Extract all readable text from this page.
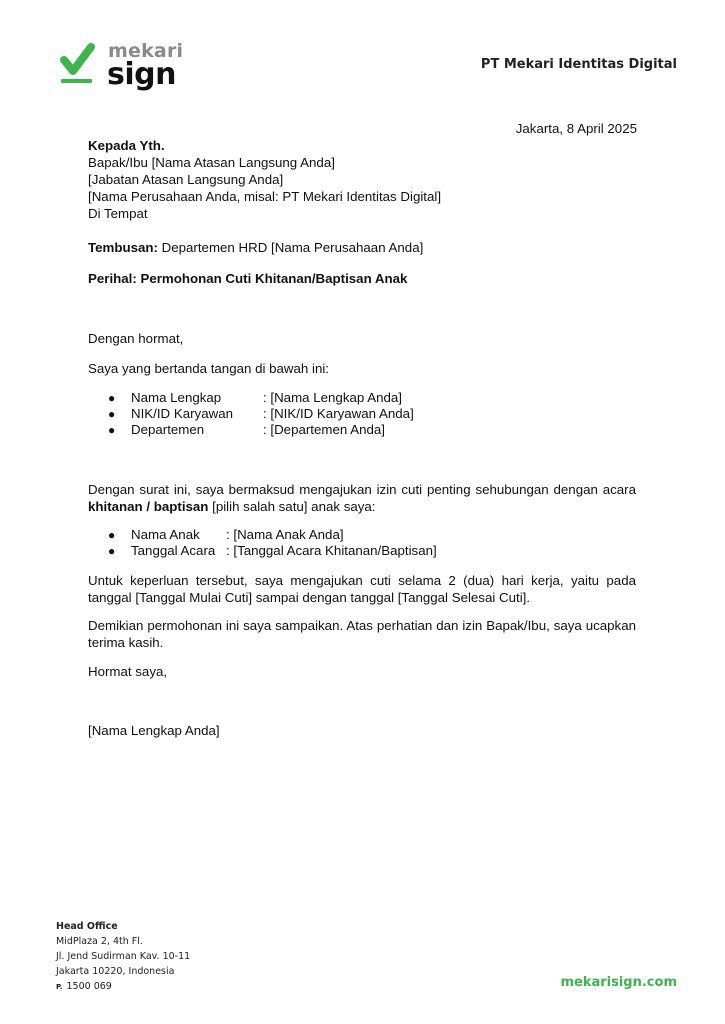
mekari
sign	PT Mekari Identitas Digital
Jakarta, 8 April 2025
Kepada Yth.
Bapak/Ibu [Nama Atasan Langsung Anda]
[Jabatan Atasan Langsung Anda]
[Nama Perusahaan Anda, misal: PT Mekari Identitas Digital]
Di Tempat
Tembusan: Departemen HRD [Nama Perusahaan Anda]
Perihal: Permohonan Cuti Khitanan/Baptisan Anak
Dengan hormat,
Saya yang bertanda tangan di bawah ini:
●	Nama Lengkap	: [Nama Lengkap Anda]
●	NIK/ID Karyawan	: [NIK/ID Karyawan Anda]
●	Departemen	: [Departemen Anda]
Dengan surat ini, saya bermaksud mengajukan izin cuti penting sehubungan dengan acara khitanan / baptisan [pilih salah satu] anak saya:
●	Nama Anak	: [Nama Anak Anda]
●	Tanggal Acara : [Tanggal Acara Khitanan/Baptisan]
Untuk keperluan tersebut, saya mengajukan cuti selama 2 (dua) hari kerja, yaitu pada tanggal [Tanggal Mulai Cuti] sampai dengan tanggal [Tanggal Selesai Cuti].
Demikian permohonan ini saya sampaikan. Atas perhatian dan izin Bapak/Ibu, saya ucapkan terima kasih.
Hormat saya,
[Nama Lengkap Anda]
Head Office
MidPlaza 2, 4th Fl.
Jl. Jend Sudirman Kav. 10-11
Jakarta 10220, Indonesia
P. 1500 069	mekarisign.com
